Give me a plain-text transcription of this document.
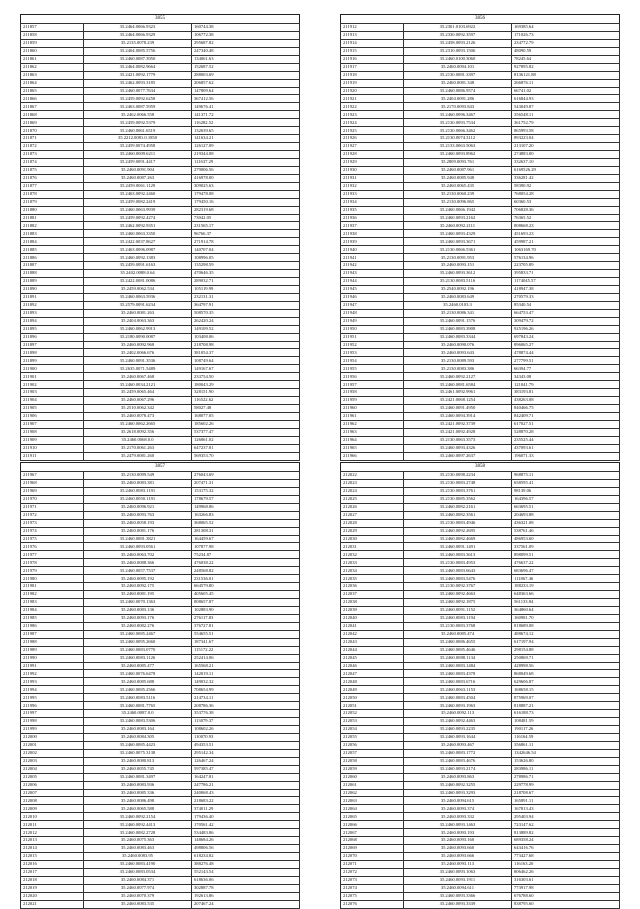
3855
211857	35.2464.0066.9323	160744.38
211858	35.2464.0066.9329	106772.38
211859	35.2135.0078.239	295687.82
211860	35.2404.0085.5756	247340.48
211861	35.2460.0087.3950	134061.63
211862	35.2464.0082.9664	152687.52
211863	35.2421.0092.1779	288003.69
211864	35.2462.0093.3185	206857.62
211865	35.2460.0077.7634	147809.64
211866	35.2459.0092.6258	367412.56
211867	35.2463.0087.5959	149676.41
211868	35.2462.0066.558	141371.72
211869	35.2459.0092.5379	116282.52
211870	35.2460.0061.6519	132639.65
211871	35.2212.0081.0.1850	141634.21
211872	35.2459.0074.4958	126127.09
211873	35.2460.0009.6211	219344.08
211874	35.2459.0091.4417	111637.29
211875	35.2460.0091.904	279006.56
211876	35.2460.0087.263	416978.00
211877	35.2459.0061.1129	309025.63
211878	35.2463.0092.2460	179478.08
211879	35.2459.0082.2419	179450.16
211880	35.2460.0063.9939	282319.68
211881	35.2459.0092.4274	73042.05
211882	35.2462.0092.9351	231565.17
211883	35.2460.0063.3350	96766.37
211884	35.2422.0037.8627	271914.78
211885	35.2463.0096.0987	140707.04
211886	35.2460.0092.1383	108996.05
211887	35.2459.0091.6163	135298.59
211888	35.2402.0088.0.64	470646.35
211889	35.2422.0081.0086	289032.71
211890	35.2459.0062.534	105119.99
211891	35.2460.0063.5936	232131.31
211892	35.2579.0091.6234	364797.91
211893	35.2460.0081.263	508570.35
211894	35.2404.0063.363	262420.24
211895	35.2460.0062.9913	149109.52
211896	35.2180.0090.0087	103408.06
211897	35.2460.0092.960	218708.98
211898	35.2402.0066.676	381054.37
211899	35.2460.0091.3536	108749.64
211900	35.2635.0071.5489	149167.67
211901	35.2460.0067.468	233754.50
211902	35.2460.0034.2121	180043.29
211903	35.2459.0065.464	328151.90
211904	35.2460.0067.296	116522.62
211905	35.2510.0062.342	58027.48
211906	35.2460.0078.473	168077.05
211907	35.2460.0062.2665	185602.26
211908	35.2618.0092.356	537377.47
211909	35.2460.0068.0.0	126061.02
211910	35.2170.0061.263	647237.81
211911	35.2479.0081.260	569353.70
3856
211912	35.2301.0103.6922	169385.64
211913	35.2330.0092.3597	171026.73
211914	35.2458.0093.2126	234772.79
211915	35.2310.0093.1506	48090.59
211916	35.2460.0100.3060	78245.64
211917	35.2460.0094.101	927895.82
211918	35.2130.0081.3397	8136121.88
211919	35.2460.0081.348	266876.11
211920	35.2460.0086.9574	66741.02
211921	35.2404.0091.286	616844.93
211922	35.2170.0093.843	543049.87
211923	35.2460.0096.3467	356548.11
211924	35.2130.0093.7534	361752.79
211925	35.2130.0066.3462	865993.58
211926	35.2130.0074.3112	893223.04
211927	35.2133.0063.5063	213107.20
211928	35.2460.0093.8962	274883.00
211929	35.2809.0093.761	332637.10
211930	35.2460.0087.961	6169526.29
211931	35.2460.0085.948	336281.42
211932	35.2460.0065.435	58390.92
211933	35.2130.0060.239	768054.28
211934	35.2130.0096.865	60360.53
211935	35.2460.0066.1942	706828.36
211936	35.2460.0093.2162	76365.52
211937	35.2460.0092.2111	808668.23
211938	35.2460.0093.4329	451693.23
211939	35.2460.0093.3671	459987.21
211940	35.2130.0066.5361	1063169.70
211941	35.2130.0091.953	576134.96
211942	35.2460.0093.151	223705.89
211943	35.2460.0093.3612	395833.71
211944	35.2130.0083.5116	1174045.57
211945	35.2540.0092.196	418947.38
211946	35.2460.0083.649	270579.33
211947	35.2460.0103.3	85340.54
211948	35.2130.0086.341	664753.47
211949	35.2460.0091.1576	309479.72
211950	35.2460.0083.3908	925196.26
211951	35.2460.0083.3344	697843.24
211952	35.2460.0090.076	896065.27
211953	35.2460.0093.643	478874.44
211954	35.2130.0089.593	277799.51
211955	35.2130.0083.386	66394.77
211956	35.2460.0092.2127	34343.08
211957	35.2460.0081.6584	121041.79
211958	35.2461.0092.9961	383193.81
211959	35.2421.0068.1254	438263.08
211960	35.2460.0091.4950	840466.75
211961	35.2460.0094.3914	842409.71
211962	35.2421.0092.3739	617027.51
211963	35.2421.0092.4928	528870.28
211964	35.2130.0063.3573	235525.44
211965	35.2460.0093.4326	437093.61
211966	35.2460.0097.2637	196071.33
3857
211967	35.2130.0099.549	276043.69
211968	35.2460.0083.381	207471.31
211969	35.2460.0083.1191	153175.32
211970	35.2460.0050.1191	178679.57
211971	35.2460.0096.921	149968.86
211972	35.2460.0093.763	163266.83
211973	35.2460.0058.193	368065.52
211974	35.2460.0081.176	281308.31
211975	35.2460.0081.3821	164459.67
211976	35.2460.0093.0561	107877.98
211977	35.2460.0063.702	75234.87
211978	35.2460.0088.366	476038.22
211979	35.2460.0057.7537	248568.82
211980	35.2460.0095.192	231536.01
211981	35.2460.0092.175	664579.80
211982	35.2460.0081.195	405605.45
211983	35.2460.0070.1363	808657.87
211984	35.2460.0083.136	102883.90
211985	35.2460.0093.176	276117.83
211986	35.2460.0082.276	376727.81
211987	35.2460.0085.2467	554655.51
211988	35.2460.0095.2660	187341.67
211989	35.2460.0083.0770	115172.22
211990	35.2460.0083.1126	252414.06
211991	35.2460.0085.477	165568.21
211992	35.2460.0076.6478	142019.11
211993	35.2460.0085.688	149032.32
211994	35.2460.0085.2566	708654.99
211995	35.2460.0083.5116	214734.11
211996	35.2460.0081.7765	208786.36
211997	35.2460.0087.0.0	353776.38
211998	35.2460.0083.5306	113079.37
211999	35.2460.0083.164	108602.26
212000	35.2460.0084.305	110070.93
212001	35.2460.0085.4423	494353.51
212002	35.2460.0075.3138	295142.34
212003	35.2460.0080.813	126467.24
212004	35.2460.0055.745	597385.47
212005	35.2460.0081.3497	164247.81
212006	35.2460.0083.936	247786.21
212007	35.2460.0085.336	240068.43
212008	35.2460.0086.498	218683.22
212009	35.2460.0065.588	374011.29
212010	35.2460.0092.2154	179436.40
212011	35.2460.0092.4413	170561.42
212012	35.2460.0082.2728	534483.86
212013	35.2460.0075.363	148684.26
212014	35.2460.0083.463	498806.56
212015	35.2460.0083.95	618234.82
212016	35.2460.0083.4190	388276.48
212017	35.2460.0083.0534	552143.54
212018	35.2460.0084.371	618636.06
212019	35.2460.0077.974	302887.78
212020	35.2460.0070.379	192613.86
212021	35.2460.0083.535	207467.24
3858
212022	35.2130.0098.2234	968875.11
212023	35.2130.0083.2748	658595.41
212024	35.2130.0083.3761	98139.06
212025	35.2130.0085.3562	164396.57
212026	35.2460.0082.2161	663695.51
212027	35.2460.0082.3561	204693.88
212028	35.2130.0083.4946	436321.08
212029	35.2460.0092.2695	538761.46
212030	35.2460.0082.4669	486953.60
212031	35.2460.0091.1491	337561.09
212032	35.2460.0083.3613	898099.51
212033	35.2130.0083.4953	476637.22
212034	35.2460.0083.6643	683696.47
212035	35.2460.0083.5476	111867.46
212036	35.2130.0092.3767	188233.19
212037	35.2460.0092.4663	648363.66
212038	35.2460.0092.1875	561133.84
212039	35.2460.0091.1152	364860.64
212040	35.2460.0083.1194	160981.70
212041	35.2130.0083.3768	818689.08
212042	35.2460.0085.474	488674.12
212043	35.2460.0086.4655	617197.94
212044	35.2460.0085.4646	298154.88
212045	35.2460.0088.1134	250869.71
212046	35.2460.0083.1484	428998.56
212047	35.2460.0083.4378	868049.68
212048	35.2460.0083.6716	629606.87
212049	35.2460.0063.1153	168658.15
212050	35.2460.0083.4504	875969.07
212051	35.2460.0093.1963	818887.21
212052	35.2460.0092.113	616188.73
212053	35.2460.0092.4463	108481.59
212054	35.2460.0093.2235	190117.26
212055	35.2460.0093.1644	116164.59
212056	35.2460.0093.467	356861.11
212057	35.2460.0083.1772	1342646.54
212058	35.2460.0083.4676	153626.80
212059	35.2460.0093.2174	283986.11
212060	35.2460.0093.863	278986.71
212061	35.2460.0092.3255	229778.99
212062	35.2460.0093.3293	218708.67
212063	35.2460.0094.615	165891.11
212064	35.2460.0093.374	167813.43
212065	35.2460.0093.332	295403.94
212066	35.2460.0093.1463	723147.62
212067	35.2460.0093.193	813889.82
212068	35.2460.0093.160	689358.24
212069	35.2460.0093.660	643416.76
212070	35.2460.0093.666	773427.68
212071	35.2460.0093.113	116163.20
212072	35.2460.0093.1063	806462.26
212073	35.2460.0093.1911	316303.61
212074	35.2460.0094.611	773917.98
212075	35.2460.0093.3366	676788.60
212076	35.2460.0093.3339	838795.60
